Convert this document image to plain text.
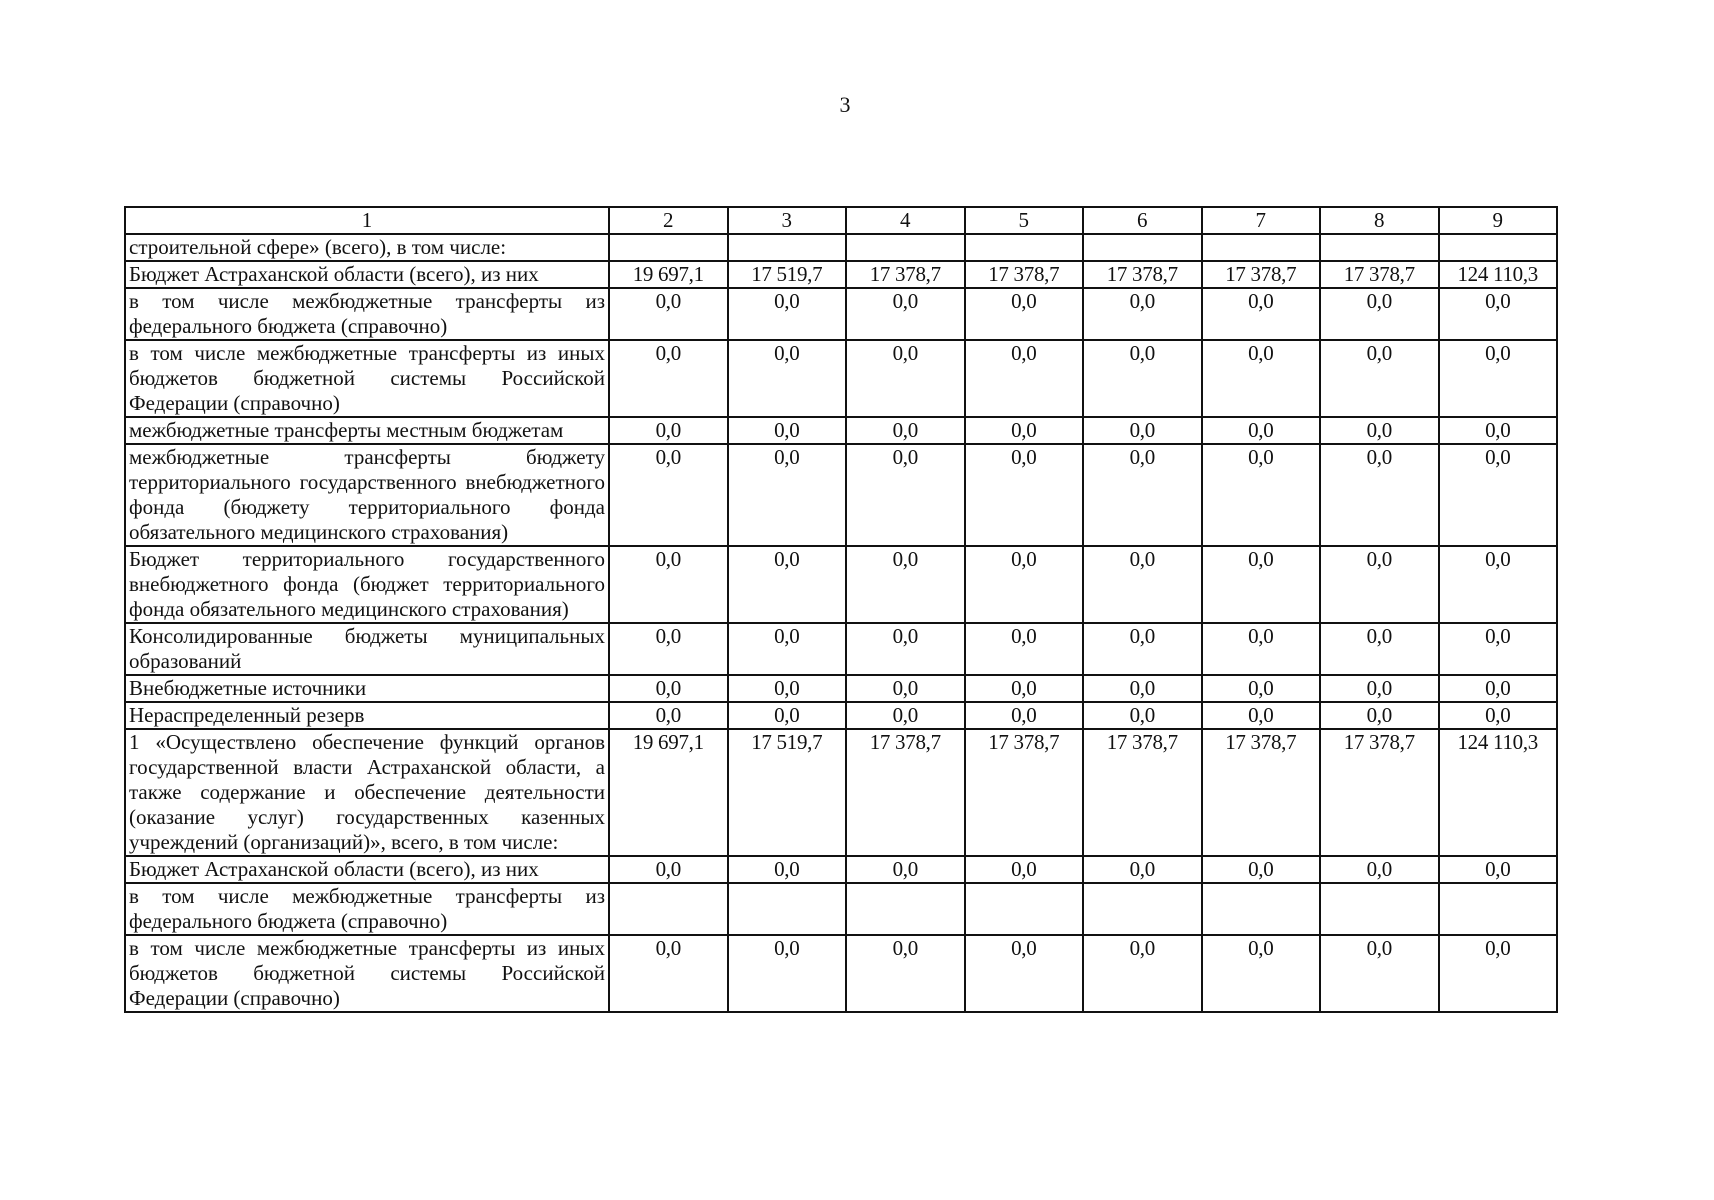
3
1	2	3	4	5	6	7	8	9
строительной сфере» (всего), в том числе:								
Бюджет Астраханской области (всего), из них	19 697,1	17 519,7	17 378,7	17 378,7	17 378,7	17 378,7	17 378,7	124 110,3
в том числе межбюджетные трансферты из федерального бюджета (справочно)	0,0	0,0	0,0	0,0	0,0	0,0	0,0	0,0
в том числе межбюджетные трансферты из иных бюджетов бюджетной системы Российской Федерации (справочно)	0,0	0,0	0,0	0,0	0,0	0,0	0,0	0,0
межбюджетные трансферты местным бюджетам	0,0	0,0	0,0	0,0	0,0	0,0	0,0	0,0
межбюджетные трансферты бюджету территориального государственного внебюджетного фонда (бюджету территориального фонда обязательного медицинского страхования)	0,0	0,0	0,0	0,0	0,0	0,0	0,0	0,0
Бюджет территориального государственного внебюджетного фонда (бюджет территориального фонда обязательного медицинского страхования)	0,0	0,0	0,0	0,0	0,0	0,0	0,0	0,0
Консолидированные бюджеты муниципальных образований	0,0	0,0	0,0	0,0	0,0	0,0	0,0	0,0
Внебюджетные источники	0,0	0,0	0,0	0,0	0,0	0,0	0,0	0,0
Нераспределенный резерв	0,0	0,0	0,0	0,0	0,0	0,0	0,0	0,0
1 «Осуществлено обеспечение функций органов государственной власти Астраханской области, а также содержание и обеспечение деятельности (оказание услуг) государственных казенных учреждений (организаций)», всего, в том числе:	19 697,1	17 519,7	17 378,7	17 378,7	17 378,7	17 378,7	17 378,7	124 110,3
Бюджет Астраханской области (всего), из них	0,0	0,0	0,0	0,0	0,0	0,0	0,0	0,0
в том числе межбюджетные трансферты из федерального бюджета (справочно)								
в том числе межбюджетные трансферты из иных бюджетов бюджетной системы Российской Федерации (справочно)	0,0	0,0	0,0	0,0	0,0	0,0	0,0	0,0
